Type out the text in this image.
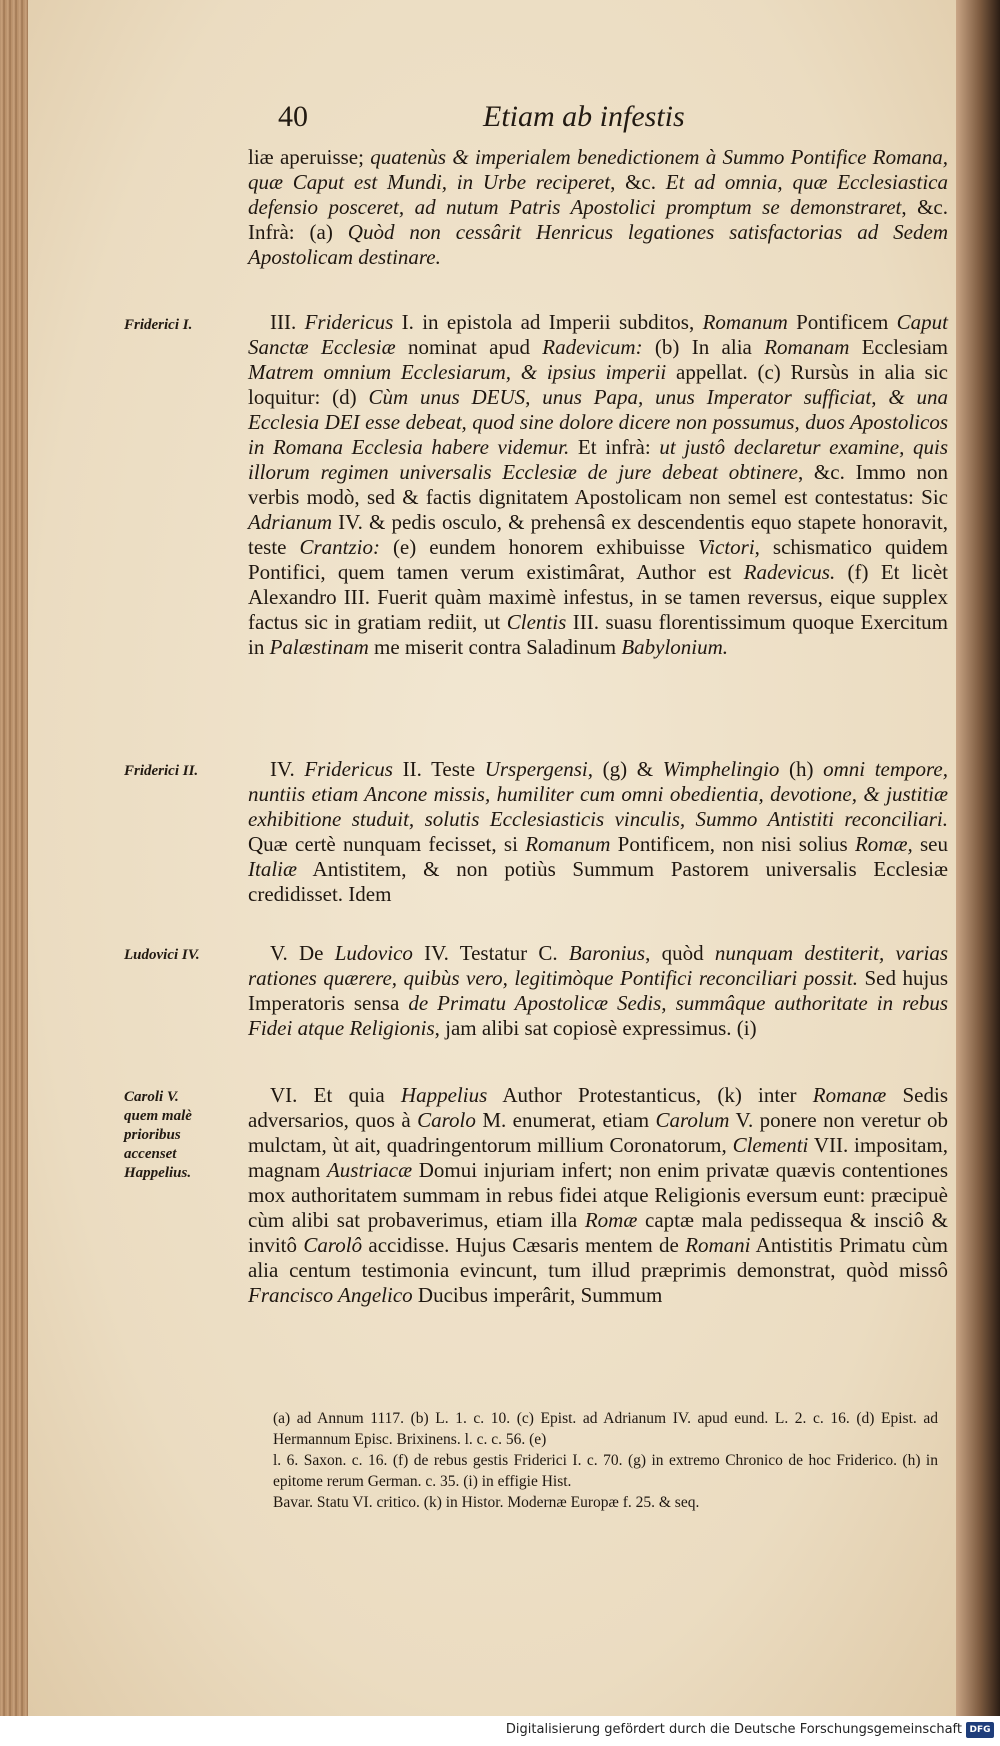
40	Etiam ab infestis
Friderici I.
Friderici II.
Ludovici IV.
Caroli V. quem malè prioribus accenset Happelius.
liæ aperuisse; quatenùs & imperialem benedictionem à Summo Pontifice Romana, quæ Caput est Mundi, in Urbe reciperet, &c. Et ad omnia, quæ Ecclesiastica defensio posceret, ad nutum Patris Apostolici promptum se demonstraret, &c. Infrà: (a) Quòd non cessârit Henricus legationes satisfactorias ad Sedem Apostolicam destinare.
III. Fridericus I. in epistola ad Imperii subditos, Romanum Pontificem Caput Sanctæ Ecclesiæ nominat apud Radevicum: (b) In alia Romanam Ecclesiam Matrem omnium Ecclesiarum, & ipsius imperii appellat. (c) Rursùs in alia sic loquitur: (d) Cùm unus DEUS, unus Papa, unus Imperator sufficiat, & una Ecclesia DEI esse debeat, quod sine dolore dicere non possumus, duos Apostolicos in Romana Ecclesia habere videmur. Et infrà: ut justô declaretur examine, quis illorum regimen universalis Ecclesiæ de jure debeat obtinere, &c. Immo non verbis modò, sed & factis dignitatem Apostolicam non semel est contestatus: Sic Adrianum IV. & pedis osculo, & prehensâ ex descendentis equo stapete honoravit, teste Crantzio: (e) eundem honorem exhibuisse Victori, schismatico quidem Pontifici, quem tamen verum existimârat, Author est Radevicus. (f) Et licèt Alexandro III. Fuerit quàm maximè infestus, in se tamen reversus, eique supplex factus sic in gratiam rediit, ut Clentis III. suasu florentissimum quoque Exercitum in Palæstinam me miserit contra Saladinum Babylonium.
IV. Fridericus II. Teste Urspergensi, (g) & Wimphelingio (h) omni tempore, nuntiis etiam Ancone missis, humiliter cum omni obedientia, devotione, & justitiæ exhibitione studuit, solutis Ecclesiasticis vinculis, Summo Antistiti reconciliari. Quæ certè nunquam fecisset, si Romanum Pontificem, non nisi solius Romæ, seu Italiæ Antistitem, & non potiùs Summum Pastorem universalis Ecclesiæ credidisset. Idem
V. De Ludovico IV. Testatur C. Baronius, quòd nunquam destiterit, varias rationes quærere, quibùs vero, legitimòque Pontifici reconciliari possit. Sed hujus Imperatoris sensa de Primatu Apostolicæ Sedis, summâque authoritate in rebus Fidei atque Religionis, jam alibi sat copiosè expressimus. (i)
VI. Et quia Happelius Author Protestanticus, (k) inter Romanæ Sedis adversarios, quos à Carolo M. enumerat, etiam Carolum V. ponere non veretur ob mulctam, ùt ait, quadringentorum millium Coronatorum, Clementi VII. impositam, magnam Austriacæ Domui injuriam infert; non enim privatæ quævis contentiones mox authoritatem summam in rebus fidei atque Religionis eversum eunt: præcipuè cùm alibi sat probaverimus, etiam illa Romæ captæ mala pedissequa & insciô & invitô Carolô accidisse. Hujus Cæsaris mentem de Romani Antistitis Primatu cùm alia centum testimonia evincunt, tum illud præprimis demonstrat, quòd missô Francisco Angelico Ducibus imperârit, Summum
(a) ad Annum 1117. (b) L. 1. c. 10. (c) Epist. ad Adrianum IV. apud eund. L. 2. c. 16. (d) Epist. ad Hermannum Episc. Brixinens. l. c. c. 56. (e)
l. 6. Saxon. c. 16. (f) de rebus gestis Friderici I. c. 70. (g) in extremo Chronico de hoc Friderico. (h) in epitome rerum German. c. 35. (i) in effigie Hist.
Bavar. Statu VI. critico. (k) in Histor. Modernæ Europæ f. 25. & seq.
Digitalisierung gefördert durch die Deutsche Forschungsgemeinschaft DFG
